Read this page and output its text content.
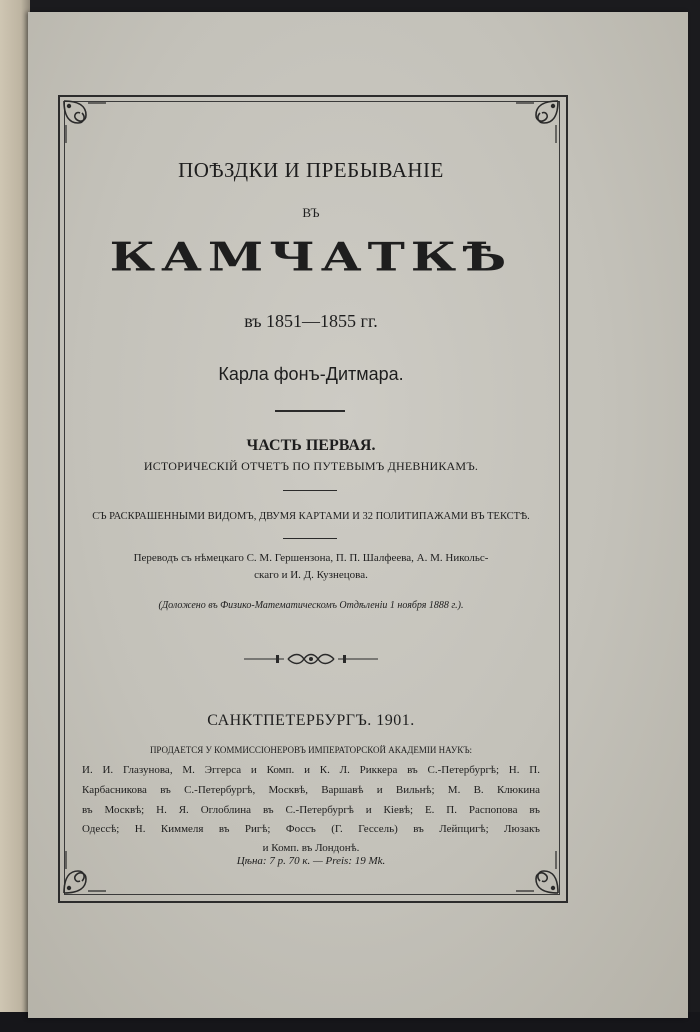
ПОѢЗДКИ И ПРЕБЫВАНІЕ
ВЪ
КАМЧАТКѢ
въ 1851—1855 гг.
Карла фонъ-Дитмара.
ЧАСТЬ ПЕРВАЯ.
ИСТОРИЧЕСКІЙ ОТЧЕТЪ ПО ПУТЕВЫМЪ ДНЕВНИКАМЪ.
СЪ РАСКРАШЕННЫМИ ВИДОМЪ, ДВУМЯ КАРТАМИ И 32 ПОЛИТИПАЖАМИ ВЪ ТЕКСТѢ.
Переводъ съ нѣмецкаго С. М. Гершензона, П. П. Шалфеева, А. М. Никольс-
скаго и И. Д. Кузнецова.
(Доложено въ Физико-Математическомъ Отдѣленіи 1 ноября 1888 г.).
САНКТПЕТЕРБУРГЪ. 1901.
ПРОДАЕТСЯ У КОММИССІОНЕРОВЪ ИМПЕРАТОРСКОЙ АКАДЕМІИ НАУКЪ:
И. И. Глазунова, М. Эггерса и Комп. и К. Л. Риккера въ С.-Петербургѣ; Н. П.
Карбасникова въ С.-Петербургѣ, Москвѣ, Варшавѣ и Вильнѣ; М. В. Клюкина
въ Москвѣ; Н. Я. Оглоблина въ С.-Петербургѣ и Кіевѣ; Е. П. Распопова въ
Одессѣ; Н. Киммеля въ Ригѣ; Фоссъ (Г. Гессель) въ Лейпцигѣ; Люзакъ
и Комп. въ Лондонѣ.
Цѣна: 7 р. 70 к. — Preis: 19 Mk.
